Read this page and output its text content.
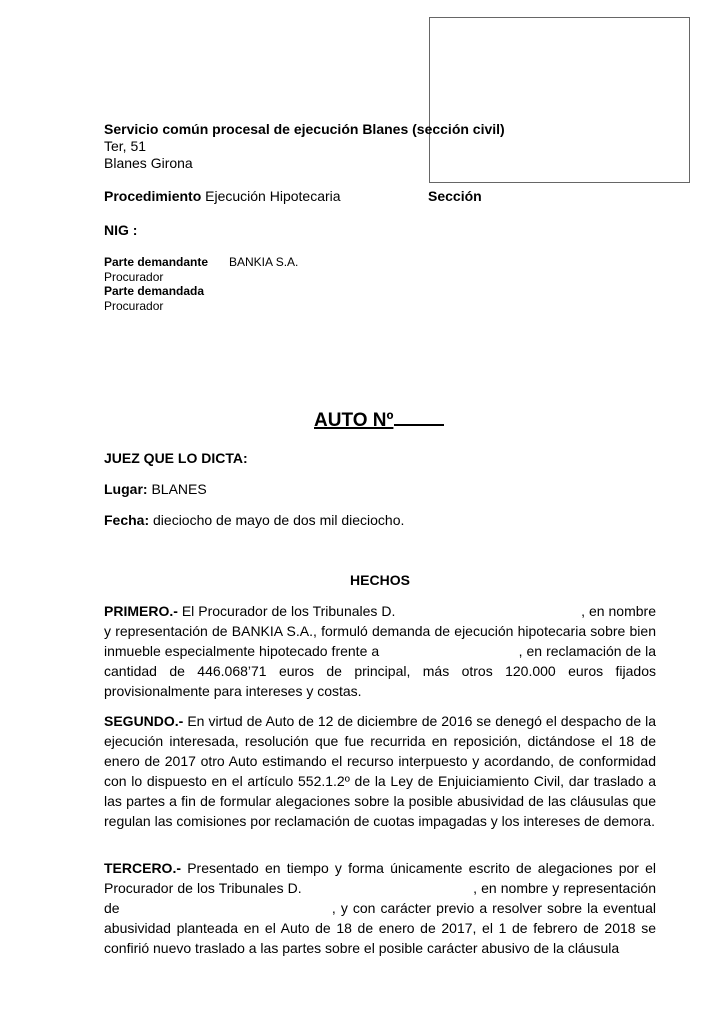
Servicio común procesal de ejecución Blanes (sección civil)
Ter, 51
Blanes Girona
Procedimiento Ejecución Hipotecaria	Sección
NIG :
Parte demandante
Procurador
Parte demandada
Procurador
BANKIA S.A.
AUTO Nº
JUEZ QUE LO DICTA:
Lugar: BLANES
Fecha: dieciocho de mayo de dos mil dieciocho.
HECHOS
PRIMERO.- El Procurador de los Tribunales D.                                               , en nombre y representación de BANKIA S.A., formuló demanda de ejecución hipotecaria sobre bien inmueble especialmente hipotecado frente a                                   , en reclamación de la cantidad de 446.068’71 euros de principal, más otros 120.000 euros fijados provisionalmente para intereses y costas.
SEGUNDO.- En virtud de Auto de 12 de diciembre de 2016 se denegó el despacho de la ejecución interesada, resolución que fue recurrida en reposición, dictándose el 18 de enero de 2017 otro Auto estimando el recurso interpuesto y acordando, de conformidad con lo dispuesto en el artículo 552.1.2º de la Ley de Enjuiciamiento Civil, dar traslado a las partes a fin de formular alegaciones sobre la posible abusividad de las cláusulas que regulan las comisiones por reclamación de cuotas impagadas y los intereses de demora.
TERCERO.- Presentado en tiempo y forma únicamente escrito de alegaciones por el Procurador de los Tribunales D.                                          , en nombre y representación de                                          , y con carácter previo a resolver sobre la eventual abusividad planteada en el Auto de 18 de enero de 2017, el 1 de febrero de 2018 se confirió nuevo traslado a las partes sobre el posible carácter abusivo de la cláusula
